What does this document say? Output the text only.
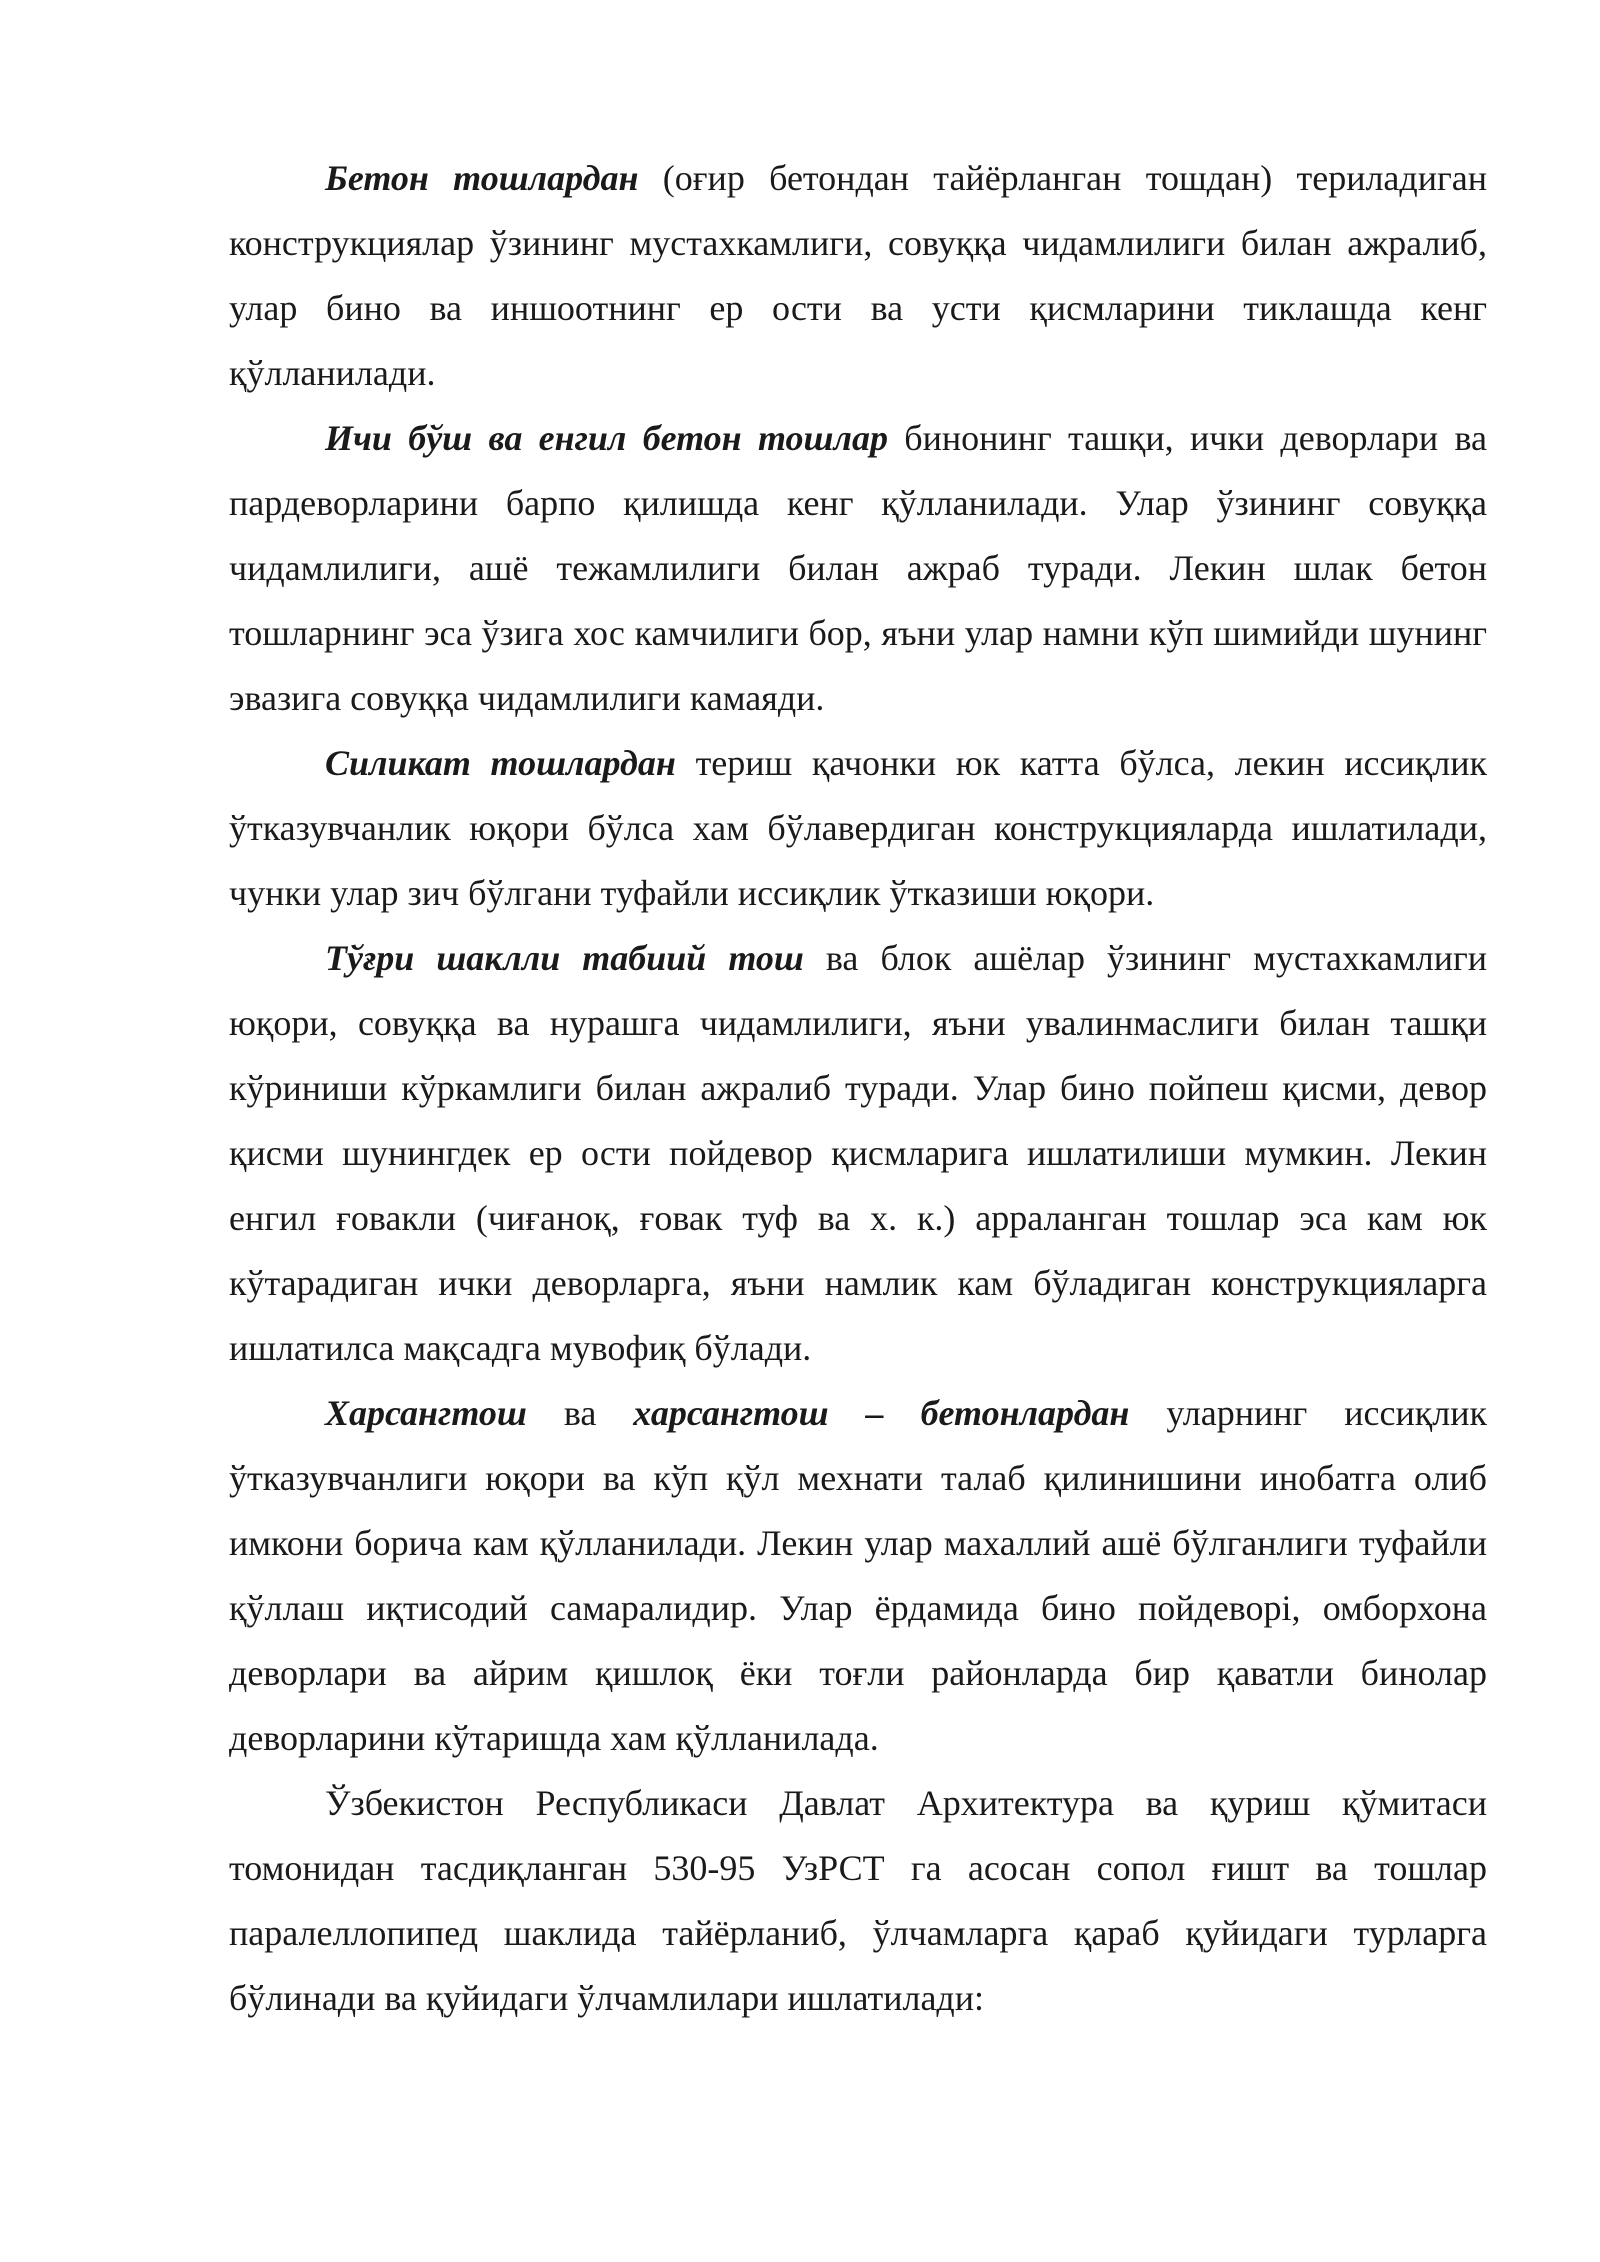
Бетон тошлардан (оғир бетондан тайёрланган тошдан) териладиган конструкциялар ўзининг мустахкамлиги, совуққа чидамлилиги билан ажралиб, улар бино ва иншоотнинг ер ости ва усти қисмларини тиклашда кенг қўлланилади.

Ичи бўш ва енгил бетон тошлар бинонинг ташқи, ички деворлари ва пардеворларини барпо қилишда кенг қўлланилади. Улар ўзининг совуққа чидамлилиги, ашё тежамлилиги билан ажраб туради. Лекин шлак бетон тошларнинг эса ўзига хос камчилиги бор, яъни улар намни кўп шимийди шунинг эвазига совуққа чидамлилиги камаяди.

Силикат тошлардан териш қачонки юк катта бўлса, лекин иссиқлик ўтказувчанлик юқори бўлса хам бўлавердиган конструкцияларда ишлатилади, чунки улар зич бўлгани туфайли иссиқлик ўтказиши юқори.

Тўғри шаклли табиий тош ва блок ашёлар ўзининг мустахкамлиги юқори, совуққа ва нурашга чидамлилиги, яъни увалинмаслиги билан ташқи кўриниши кўркамлиги билан ажралиб туради. Улар бино пойпеш қисми, девор қисми шунингдек ер ости пойдевор қисмларига ишлатилиши мумкин. Лекин енгил ғовакли (чиғаноқ, ғовак туф ва х. к.) арраланган тошлар эса кам юк кўтарадиган ички деворларга, яъни намлик кам бўладиган конструкцияларга ишлатилса мақсадга мувофиқ бўлади.

Харсангтош ва харсангтош – бетонлардан уларнинг иссиқлик ўтказувчанлиги юқори ва кўп қўл мехнати талаб қилинишини инобатга олиб имкони борича кам қўлланилади. Лекин улар махаллий ашё бўлганлиги туфайли қўллаш иқтисодий самаралидир. Улар ёрдамида бино пойдеворi, омборхона деворлари ва айрим қишлоқ ёки тоғли районларда бир қаватли бинолар деворларини кўтаришда хам қўлланилада.

Ўзбекистон Республикаси Давлат Архитектура ва қуриш қўмитаси томонидан тасдиқланган 530-95 УзРСТ га асосан сопол ғишт ва тошлар паралеллопипед шаклида тайёрланиб, ўлчамларга қараб қуйидаги турларга бўлинади ва қуйидаги ўлчамлилари ишлатилади:
